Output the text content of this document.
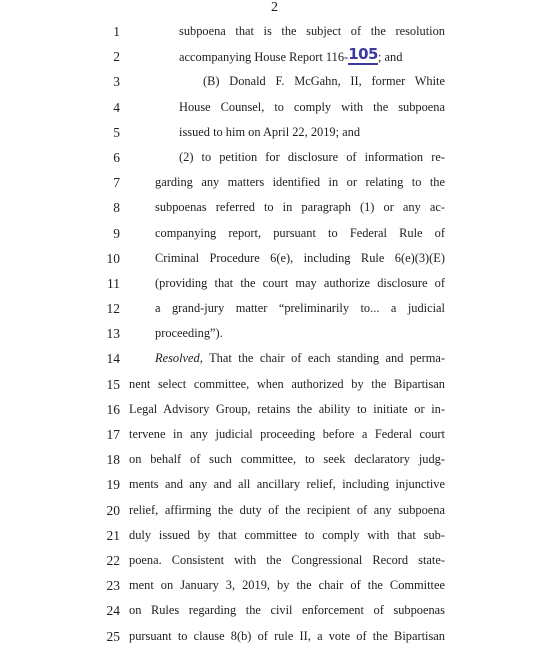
2
1	subpoena that is the subject of the resolution
2	accompanying House Report 116-105; and
3	(B) Donald F. McGahn, II, former White
4	House Counsel, to comply with the subpoena
5	issued to him on April 22, 2019; and
6	(2) to petition for disclosure of information re-
7	garding any matters identified in or relating to the
8	subpoenas referred to in paragraph (1) or any ac-
9	companying report, pursuant to Federal Rule of
10	Criminal Procedure 6(e), including Rule 6(e)(3)(E)
11	(providing that the court may authorize disclosure of
12	a grand-jury matter “preliminarily to... a judicial
13	proceeding”).
14	Resolved, That the chair of each standing and perma-
15 nent select committee, when authorized by the Bipartisan
16 Legal Advisory Group, retains the ability to initiate or in-
17 tervene in any judicial proceeding before a Federal court
18 on behalf of such committee, to seek declaratory judg-
19 ments and any and all ancillary relief, including injunctive
20 relief, affirming the duty of the recipient of any subpoena
21 duly issued by that committee to comply with that sub-
22 poena. Consistent with the Congressional Record state-
23 ment on January 3, 2019, by the chair of the Committee
24 on Rules regarding the civil enforcement of subpoenas
25 pursuant to clause 8(b) of rule II, a vote of the Bipartisan
